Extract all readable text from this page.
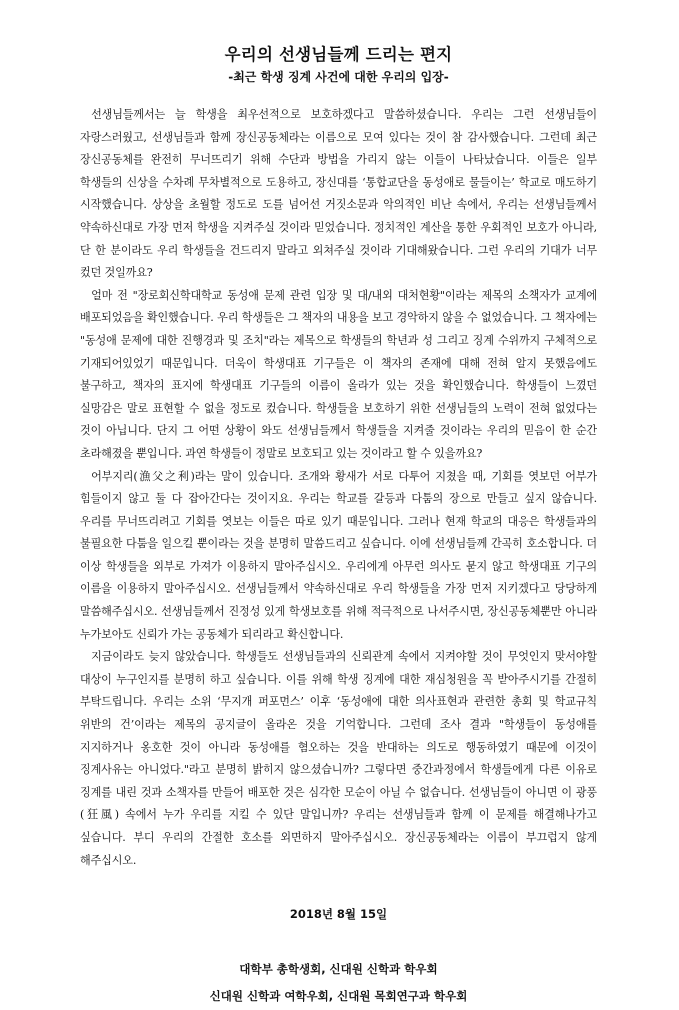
우리의 선생님들께 드리는 편지
-최근 학생 징계 사건에 대한 우리의 입장-

선생님들께서는 늘 학생을 최우선적으로 보호하겠다고 말씀하셨습니다. 우리는 그런 선생님들이 자랑스러웠고, 선생님들과 함께 장신공동체라는 이름으로 모여 있다는 것이 참 감사했습니다. 그런데 최근 장신공동체를 완전히 무너뜨리기 위해 수단과 방법을 가리지 않는 이들이 나타났습니다. 이들은 일부 학생들의 신상을 수차례 무차별적으로 도용하고, 장신대를 ‘통합교단을 동성애로 물들이는’ 학교로 매도하기 시작했습니다. 상상을 초월할 정도로 도를 넘어선 거짓소문과 악의적인 비난 속에서, 우리는 선생님들께서 약속하신대로 가장 먼저 학생을 지켜주실 것이라 믿었습니다. 정치적인 계산을 통한 우회적인 보호가 아니라, 단 한 분이라도 우리 학생들을 건드리지 말라고 외쳐주실 것이라 기대해왔습니다. 그런 우리의 기대가 너무 컸던 것일까요?

얼마 전 "장로회신학대학교 동성애 문제 관련 입장 및 대/내외 대처현황"이라는 제목의 소책자가 교계에 배포되었음을 확인했습니다. 우리 학생들은 그 책자의 내용을 보고 경악하지 않을 수 없었습니다. 그 책자에는 "동성애 문제에 대한 진행경과 및 조치"라는 제목으로 학생들의 학년과 성 그리고 징계 수위까지 구체적으로 기재되어있었기 때문입니다. 더욱이 학생대표 기구들은 이 책자의 존재에 대해 전혀 알지 못했음에도 불구하고, 책자의 표지에 학생대표 기구들의 이름이 올라가 있는 것을 확인했습니다. 학생들이 느꼈던 실망감은 말로 표현할 수 없을 정도로 컸습니다. 학생들을 보호하기 위한 선생님들의 노력이 전혀 없었다는 것이 아닙니다. 단지 그 어떤 상황이 와도 선생님들께서 학생들을 지켜줄 것이라는 우리의 믿음이 한 순간 초라해졌을 뿐입니다. 과연 학생들이 정말로 보호되고 있는 것이라고 할 수 있을까요?

어부지리(漁父之利)라는 말이 있습니다. 조개와 황새가 서로 다투어 지쳤을 때, 기회를 엿보던 어부가 힘들이지 않고 둘 다 잡아간다는 것이지요. 우리는 학교를 갈등과 다툼의 장으로 만들고 싶지 않습니다. 우리를 무너뜨리려고 기회를 엿보는 이들은 따로 있기 때문입니다. 그러나 현재 학교의 대응은 학생들과의 불필요한 다툼을 일으킬 뿐이라는 것을 분명히 말씀드리고 싶습니다. 이에 선생님들께 간곡히 호소합니다. 더 이상 학생들을 외부로 가져가 이용하지 말아주십시오. 우리에게 아무런 의사도 묻지 않고 학생대표 기구의 이름을 이용하지 말아주십시오. 선생님들께서 약속하신대로 우리 학생들을 가장 먼저 지키겠다고 당당하게 말씀해주십시오. 선생님들께서 진정성 있게 학생보호를 위해 적극적으로 나서주시면, 장신공동체뿐만 아니라 누가보아도 신뢰가 가는 공동체가 되리라고 확신합니다.

지금이라도 늦지 않았습니다. 학생들도 선생님들과의 신뢰관계 속에서 지켜야할 것이 무엇인지 맞서야할 대상이 누구인지를 분명히 하고 싶습니다. 이를 위해 학생 징계에 대한 재심청원을 꼭 받아주시기를 간절히 부탁드립니다. 우리는 소위 ‘무지개 퍼포먼스’ 이후 ‘동성애에 대한 의사표현과 관련한 총회 및 학교규칙 위반의 건’이라는 제목의 공지글이 올라온 것을 기억합니다. 그런데 조사 결과 "학생들이 동성애를 지지하거나 옹호한 것이 아니라 동성애를 혐오하는 것을 반대하는 의도로 행동하였기 때문에 이것이 징계사유는 아니었다."라고 분명히 밝히지 않으셨습니까? 그렇다면 중간과정에서 학생들에게 다른 이유로 징계를 내린 것과 소책자를 만들어 배포한 것은 심각한 모순이 아닐 수 없습니다. 선생님들이 아니면 이 광풍(狂風) 속에서 누가 우리를 지킬 수 있단 말입니까? 우리는 선생님들과 함께 이 문제를 해결해나가고 싶습니다. 부디 우리의 간절한 호소를 외면하지 말아주십시오. 장신공동체라는 이름이 부끄럽지 않게 해주십시오.

2018년 8월 15일
대학부 총학생회, 신대원 신학과 학우회
신대원 신학과 여학우회, 신대원 목회연구과 학우회
